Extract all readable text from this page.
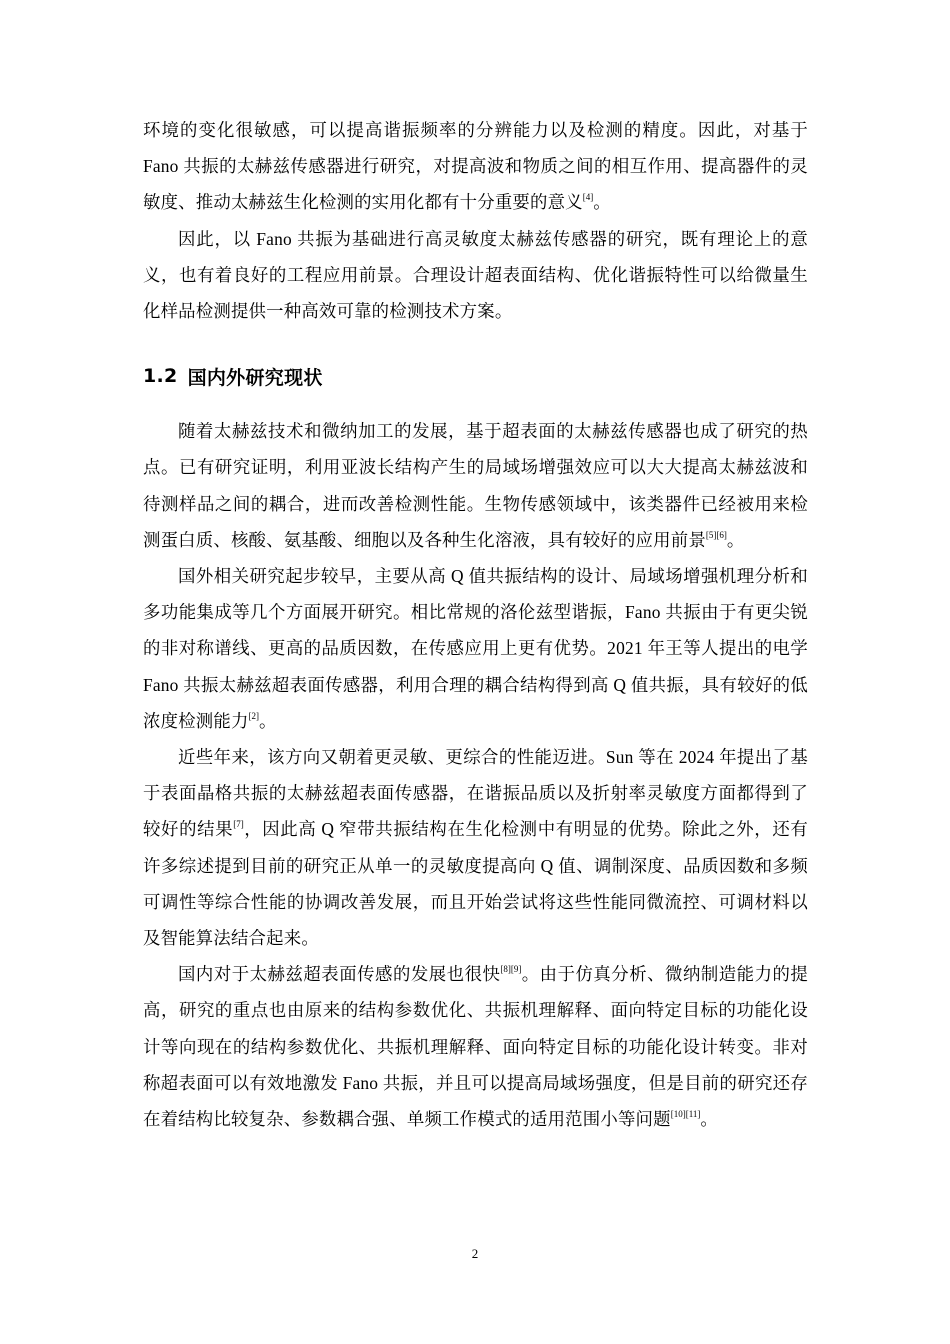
环境的变化很敏感，可以提高谐振频率的分辨能力以及检测的精度。因此，对基于 Fano 共振的太赫兹传感器进行研究，对提高波和物质之间的相互作用、提高器件的灵敏度、推动太赫兹生化检测的实用化都有十分重要的意义[4]。

因此，以 Fano 共振为基础进行高灵敏度太赫兹传感器的研究，既有理论上的意义，也有着良好的工程应用前景。合理设计超表面结构、优化谐振特性可以给微量生化样品检测提供一种高效可靠的检测技术方案。

1.2 国内外研究现状

随着太赫兹技术和微纳加工的发展，基于超表面的太赫兹传感器也成了研究的热点。已有研究证明，利用亚波长结构产生的局域场增强效应可以大大提高太赫兹波和待测样品之间的耦合，进而改善检测性能。生物传感领域中，该类器件已经被用来检测蛋白质、核酸、氨基酸、细胞以及各种生化溶液，具有较好的应用前景[5][6]。

国外相关研究起步较早，主要从高 Q 值共振结构的设计、局域场增强机理分析和多功能集成等几个方面展开研究。相比常规的洛伦兹型谐振，Fano 共振由于有更尖锐的非对称谱线、更高的品质因数，在传感应用上更有优势。2021 年王等人提出的电学 Fano 共振太赫兹超表面传感器，利用合理的耦合结构得到高 Q 值共振，具有较好的低浓度检测能力[2]。

近些年来，该方向又朝着更灵敏、更综合的性能迈进。Sun 等在 2024 年提出了基于表面晶格共振的太赫兹超表面传感器，在谐振品质以及折射率灵敏度方面都得到了较好的结果[7]，因此高 Q 窄带共振结构在生化检测中有明显的优势。除此之外，还有许多综述提到目前的研究正从单一的灵敏度提高向 Q 值、调制深度、品质因数和多频可调性等综合性能的协调改善发展，而且开始尝试将这些性能同微流控、可调材料以及智能算法结合起来。

国内对于太赫兹超表面传感的发展也很快[8][9]。由于仿真分析、微纳制造能力的提高，研究的重点也由原来的结构参数优化、共振机理解释、面向特定目标的功能化设计等向现在的结构参数优化、共振机理解释、面向特定目标的功能化设计转变。非对称超表面可以有效地激发 Fano 共振，并且可以提高局域场强度，但是目前的研究还存在着结构比较复杂、参数耦合强、单频工作模式的适用范围小等问题[10][11]。

2
